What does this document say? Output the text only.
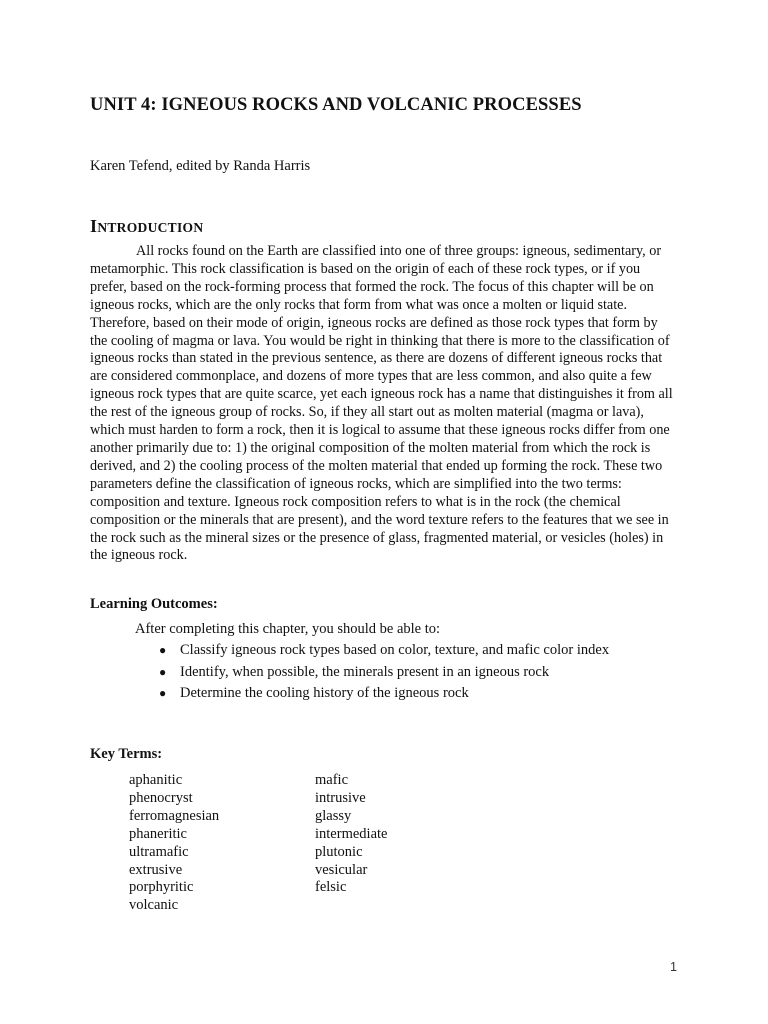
UNIT 4: IGNEOUS ROCKS AND VOLCANIC PROCESSES
Karen Tefend, edited by Randa Harris
INTRODUCTION

All rocks found on the Earth are classified into one of three groups: igneous, sedimentary, or metamorphic. This rock classification is based on the origin of each of these rock types, or if you prefer, based on the rock-forming process that formed the rock. The focus of this chapter will be on igneous rocks, which are the only rocks that form from what was once a molten or liquid state. Therefore, based on their mode of origin, igneous rocks are defined as those rock types that form by the cooling of magma or lava. You would be right in thinking that there is more to the classification of igneous rocks than stated in the previous sentence, as there are dozens of different igneous rocks that are considered commonplace, and dozens of more types that are less common, and also quite a few igneous rock types that are quite scarce, yet each igneous rock has a name that distinguishes it from all the rest of the igneous group of rocks. So, if they all start out as molten material (magma or lava), which must harden to form a rock, then it is logical to assume that these igneous rocks differ from one another primarily due to: 1) the original composition of the molten material from which the rock is derived, and 2) the cooling process of the molten material that ended up forming the rock. These two parameters define the classification of igneous rocks, which are simplified into the two terms: composition and texture. Igneous rock composition refers to what is in the rock (the chemical composition or the minerals that are present), and the word texture refers to the features that we see in the rock such as the mineral sizes or the presence of glass, fragmented material, or vesicles (holes) in the igneous rock.

Learning Outcomes:
After completing this chapter, you should be able to:
● Classify igneous rock types based on color, texture, and mafic color index
● Identify, when possible, the minerals present in an igneous rock
● Determine the cooling history of the igneous rock
Key Terms:
aphanitic
phenocryst
ferromagnesian
phaneritic
ultramafic
extrusive
porphyritic
volcanic
mafic
intrusive
glassy
intermediate
plutonic
vesicular
felsic
1
